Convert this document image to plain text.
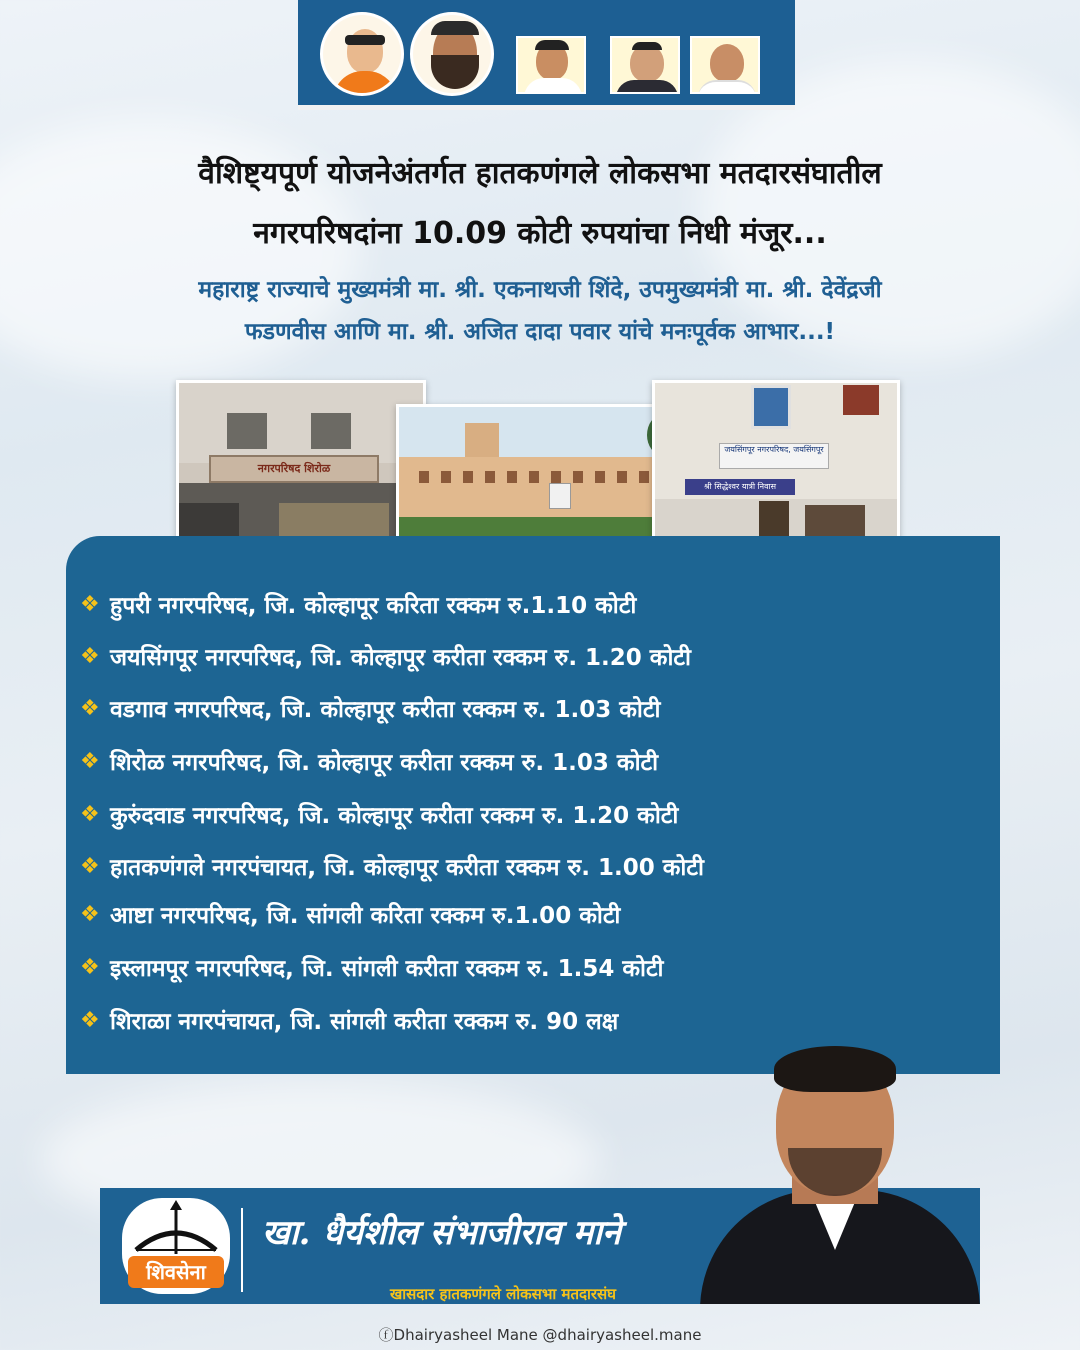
वैशिष्ट्यपूर्ण योजनेअंतर्गत हातकणंगले लोकसभा मतदारसंघातील
नगरपरिषदांना 10.09 कोटी रुपयांचा निधी मंजूर...
महाराष्ट्र राज्याचे मुख्यमंत्री मा. श्री. एकनाथजी शिंदे, उपमुख्यमंत्री मा. श्री. देवेंद्रजी
फडणवीस आणि मा. श्री. अजित दादा पवार यांचे मनःपूर्वक आभार...!
नगरपरिषद शिरोळ
जयसिंगपूर नगरपरिषद, जयसिंगपूर
श्री सिद्धेश्वर यात्री निवास
❖ हुपरी नगरपरिषद, जि. कोल्हापूर करिता रक्कम रु.1.10 कोटी
❖ जयसिंगपूर नगरपरिषद, जि. कोल्हापूर करीता रक्कम रु. 1.20 कोटी
❖ वडगाव नगरपरिषद, जि. कोल्हापूर करीता रक्कम रु. 1.03 कोटी
❖ शिरोळ नगरपरिषद, जि. कोल्हापूर करीता रक्कम रु. 1.03 कोटी
❖ कुरुंदवाड नगरपरिषद, जि. कोल्हापूर करीता रक्कम रु. 1.20 कोटी
❖ हातकणंगले नगरपंचायत, जि. कोल्हापूर करीता रक्कम रु. 1.00 कोटी
❖ आष्टा नगरपरिषद, जि. सांगली करिता रक्कम रु.1.00 कोटी
❖ इस्लामपूर नगरपरिषद, जि. सांगली करीता रक्कम रु. 1.54 कोटी
❖ शिराळा नगरपंचायत, जि. सांगली करीता रक्कम रु. 90 लक्ष
शिवसेना
खा. धैर्यशील संभाजीराव माने
खासदार हातकणंगले लोकसभा मतदारसंघ
ⓕDhairyasheel Mane @dhairyasheel.mane
